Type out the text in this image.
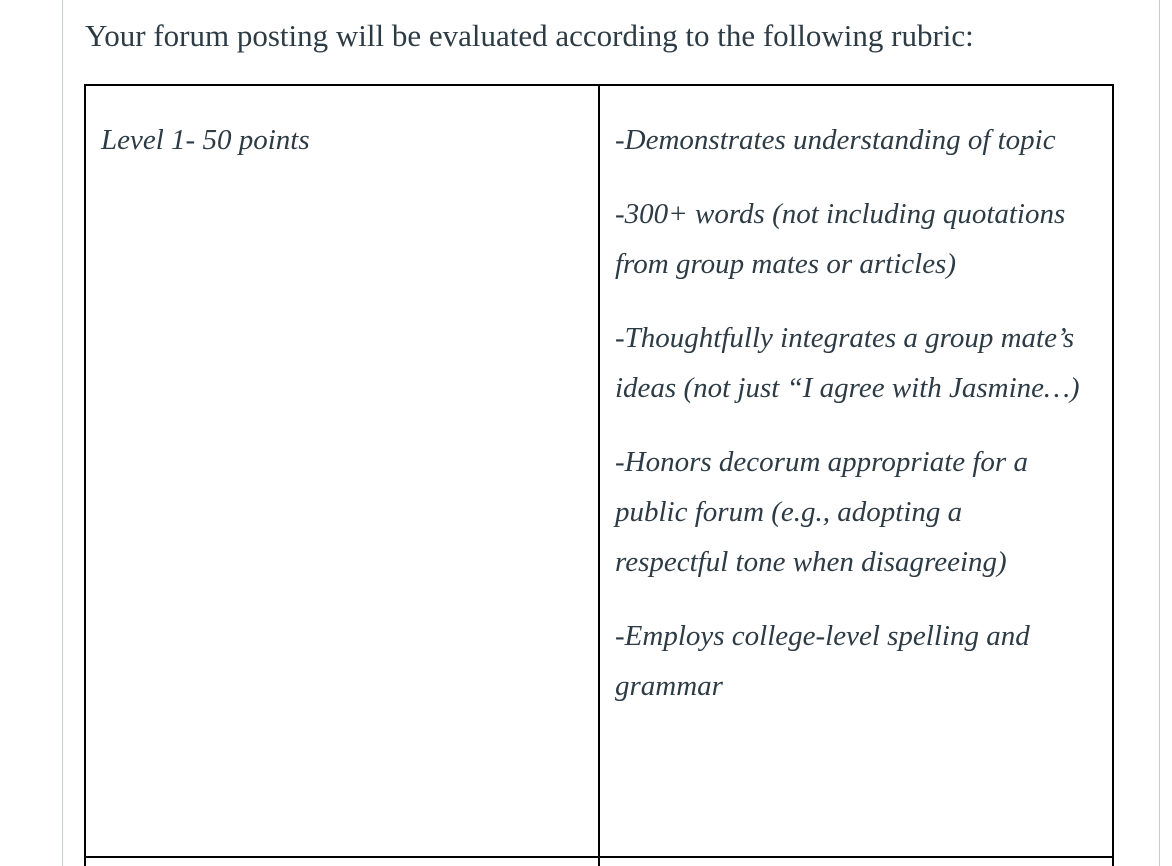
Your forum posting will be evaluated according to the following rubric:

Level 1- 50 points	-Demonstrates understanding of topic

-300+ words (not including quotations from group mates or articles)

-Thoughtfully integrates a group mate’s ideas (not just “I agree with Jasmine…)

-Honors decorum appropriate for a public forum (e.g., adopting a respectful tone when disagreeing)

-Employs college-level spelling and grammar
